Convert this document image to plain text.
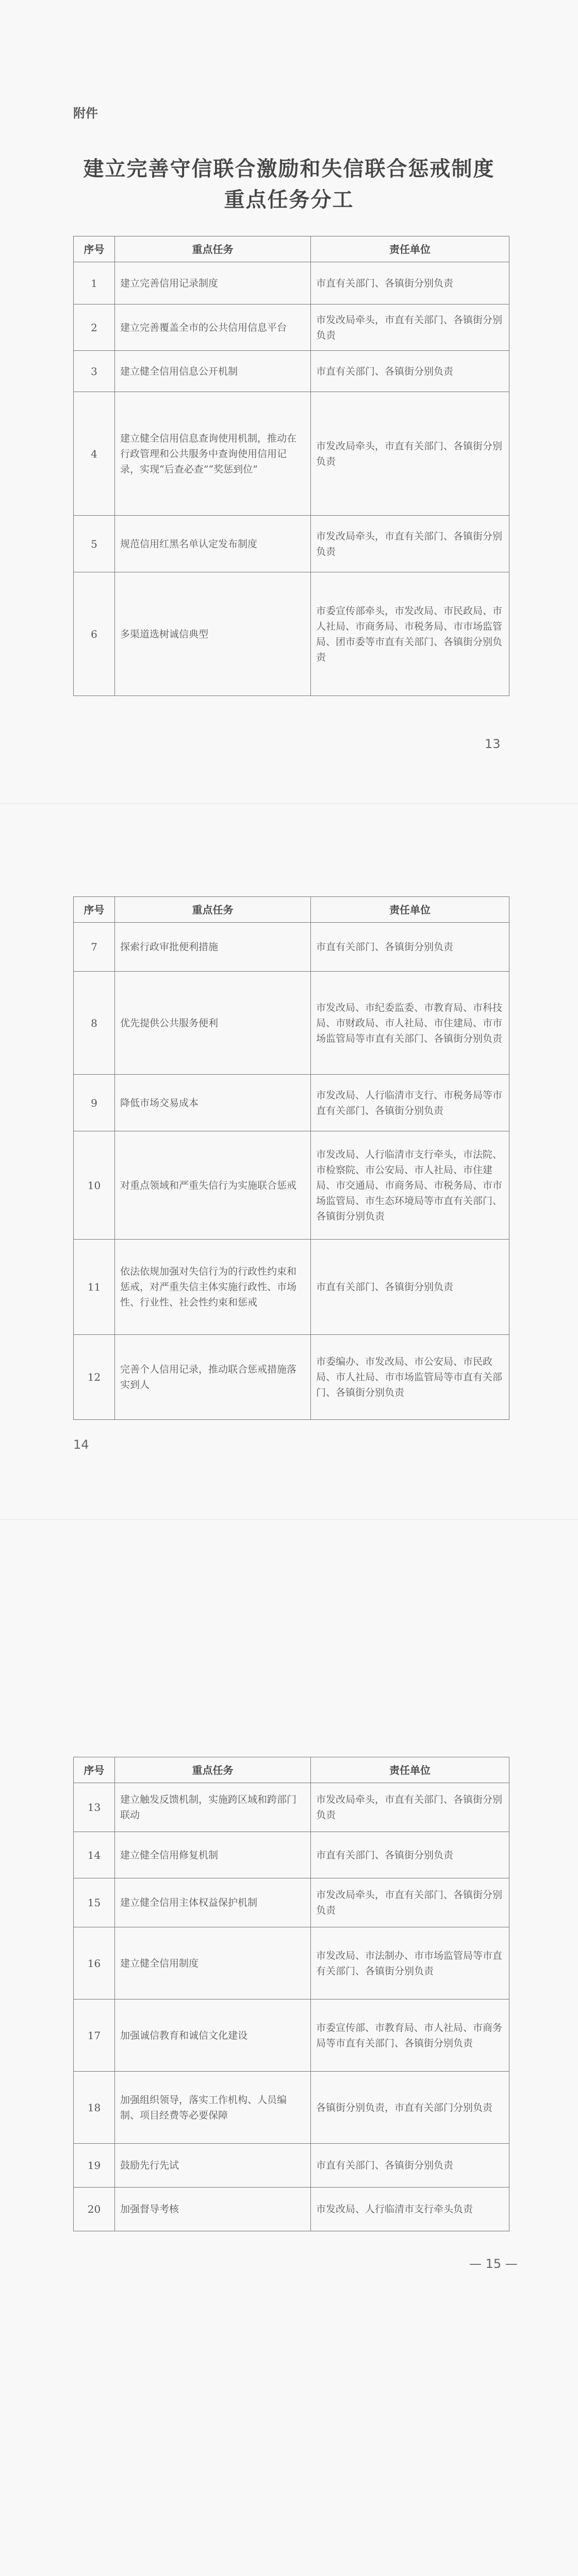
附件
建立完善守信联合激励和失信联合惩戒制度
重点任务分工
序号	重点任务	责任单位
1	建立完善信用记录制度	市直有关部门、各镇街分别负责
2	建立完善覆盖全市的公共信用信息平台	市发改局牵头，市直有关部门、各镇街分别负责
3	建立健全信用信息公开机制	市直有关部门、各镇街分别负责
4	建立健全信用信息查询使用机制，推动在行政管理和公共服务中查询使用信用记录，实现“后查必查”“奖惩到位”	市发改局牵头，市直有关部门、各镇街分别负责
5	规范信用红黑名单认定发布制度	市发改局牵头，市直有关部门、各镇街分别负责
6	多渠道选树诚信典型	市委宣传部牵头，市发改局、市民政局、市人社局、市商务局、市税务局、市市场监管局、团市委等市直有关部门、各镇街分别负责
13
序号	重点任务	责任单位
7	探索行政审批便利措施	市直有关部门、各镇街分别负责
8	优先提供公共服务便利	市发改局、市纪委监委、市教育局、市科技局、市财政局、市人社局、市住建局、市市场监管局等市直有关部门、各镇街分别负责
9	降低市场交易成本	市发改局、人行临清市支行、市税务局等市直有关部门、各镇街分别负责
10	对重点领域和严重失信行为实施联合惩戒	市发改局、人行临清市支行牵头，市法院、市检察院、市公安局、市人社局、市住建局、市交通局、市商务局、市税务局、市市场监管局、市生态环境局等市直有关部门、各镇街分别负责
11	依法依规加强对失信行为的行政性约束和惩戒，对严重失信主体实施行政性、市场性、行业性、社会性约束和惩戒	市直有关部门、各镇街分别负责
12	完善个人信用记录，推动联合惩戒措施落实到人	市委编办、市发改局、市公安局、市民政局、市人社局、市市场监管局等市直有关部门、各镇街分别负责
14
序号	重点任务	责任单位
13	建立触发反馈机制，实施跨区域和跨部门联动	市发改局牵头，市直有关部门、各镇街分别负责
14	建立健全信用修复机制	市直有关部门、各镇街分别负责
15	建立健全信用主体权益保护机制	市发改局牵头，市直有关部门、各镇街分别负责
16	建立健全信用制度	市发改局、市法制办、市市场监管局等市直有关部门、各镇街分别负责
17	加强诚信教育和诚信文化建设	市委宣传部、市教育局、市人社局、市商务局等市直有关部门、各镇街分别负责
18	加强组织领导，落实工作机构、人员编制、项目经费等必要保障	各镇街分别负责，市直有关部门分别负责
19	鼓励先行先试	市直有关部门、各镇街分别负责
20	加强督导考核	市发改局、人行临清市支行牵头负责
— 15 —
